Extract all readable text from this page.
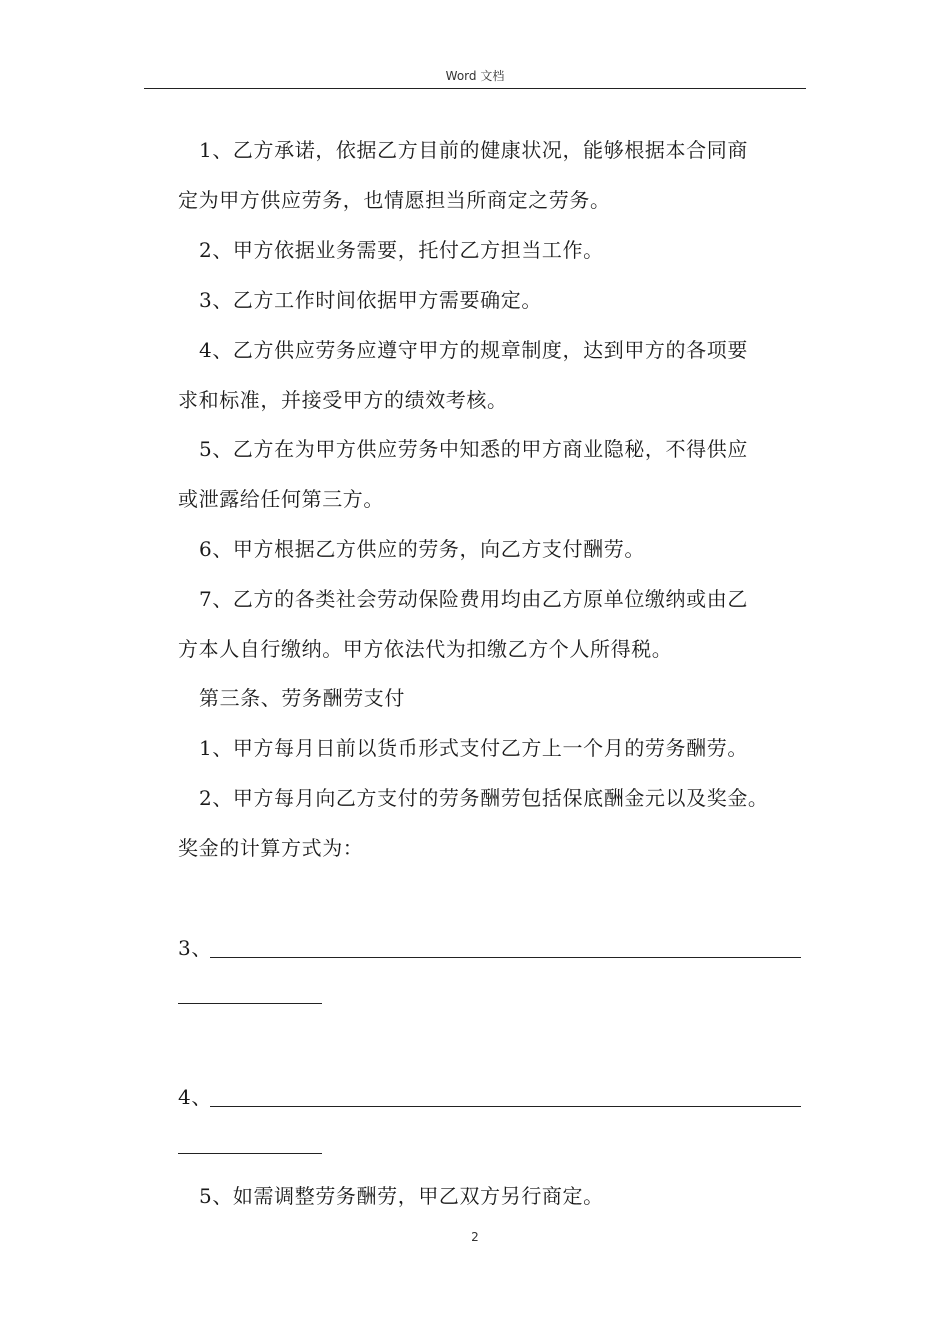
Word 文档
1、乙方承诺，依据乙方目前的健康状况，能够根据本合同商
定为甲方供应劳务，也情愿担当所商定之劳务。
2、甲方依据业务需要，托付乙方担当工作。
3、乙方工作时间依据甲方需要确定。
4、乙方供应劳务应遵守甲方的规章制度，达到甲方的各项要
求和标准，并接受甲方的绩效考核。
5、乙方在为甲方供应劳务中知悉的甲方商业隐秘，不得供应
或泄露给任何第三方。
6、甲方根据乙方供应的劳务，向乙方支付酬劳。
7、乙方的各类社会劳动保险费用均由乙方原单位缴纳或由乙
方本人自行缴纳。甲方依法代为扣缴乙方个人所得税。
第三条、劳务酬劳支付
1、甲方每月日前以货币形式支付乙方上一个月的劳务酬劳。
2、甲方每月向乙方支付的劳务酬劳包括保底酬金元以及奖金。
奖金的计算方式为：
3、
4、
5、如需调整劳务酬劳，甲乙双方另行商定。
2
